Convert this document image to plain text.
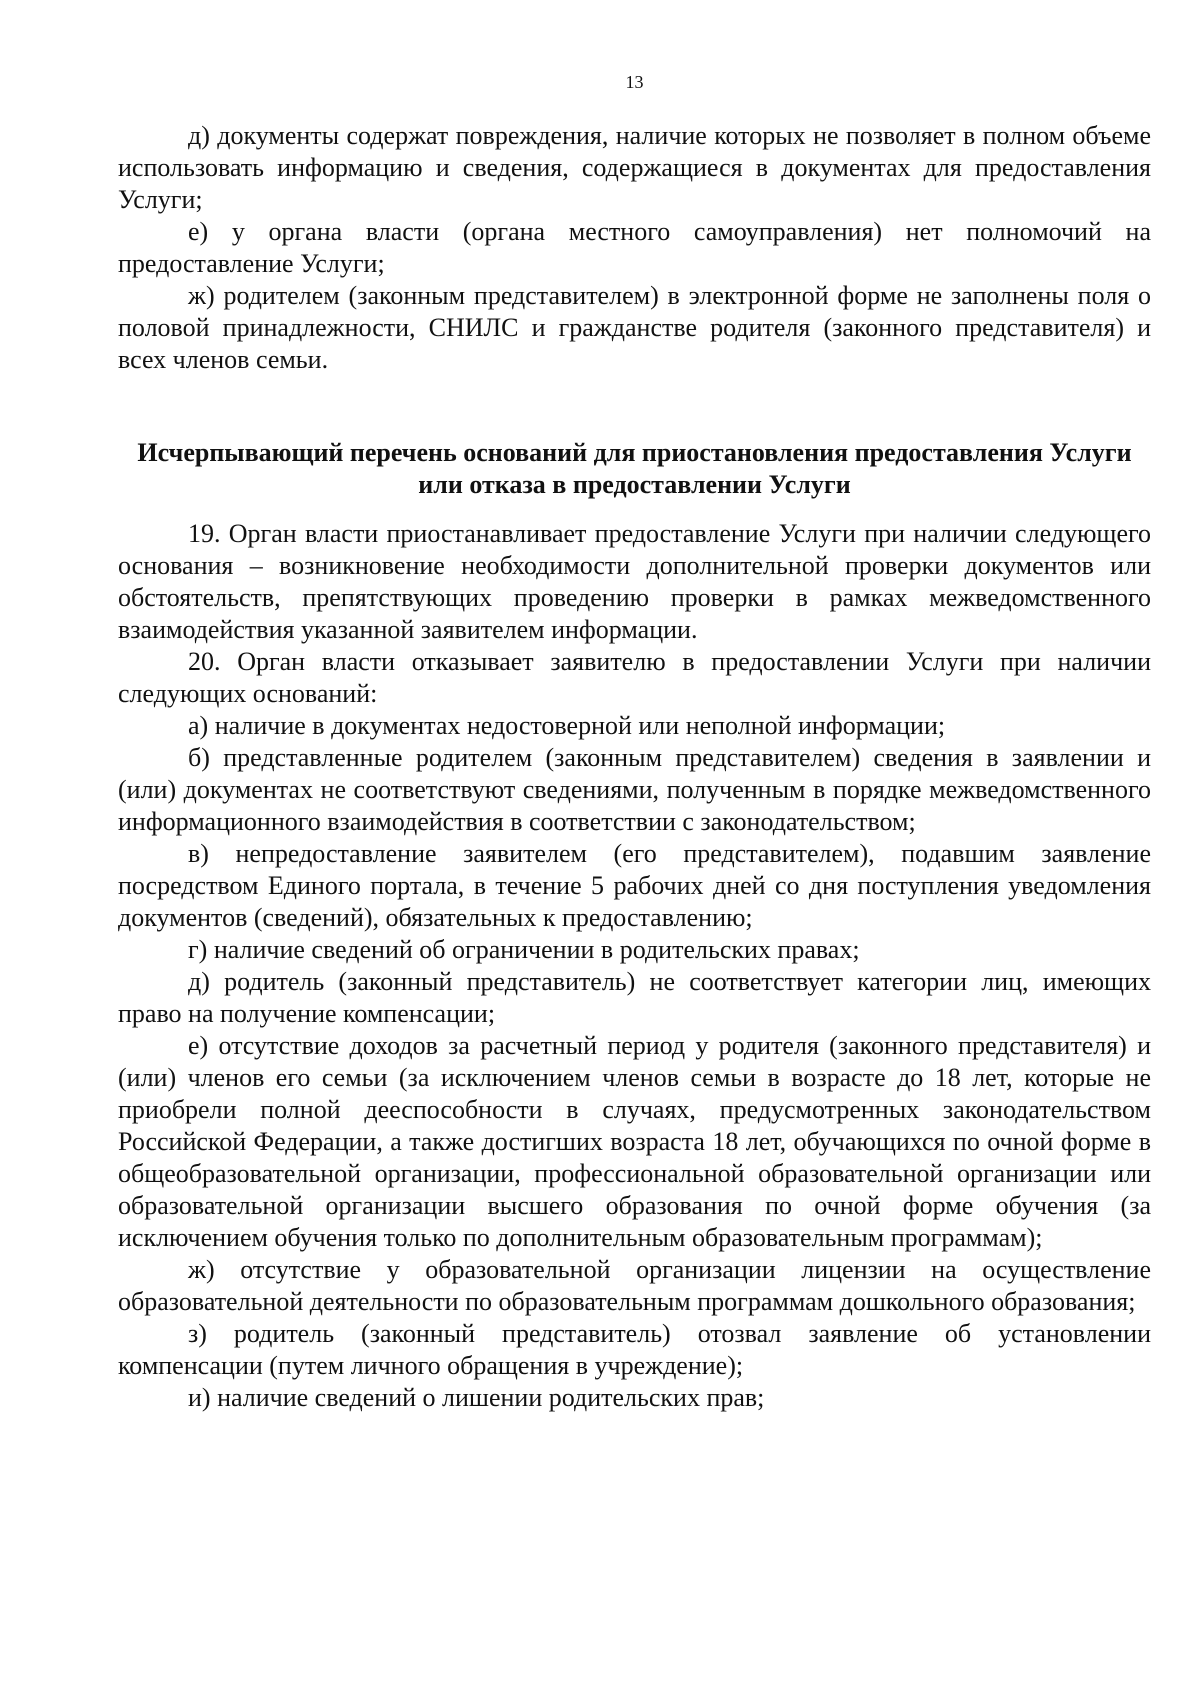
13

д) документы содержат повреждения, наличие которых не позволяет в полном объеме использовать информацию и сведения, содержащиеся в документах для предоставления Услуги;

е) у органа власти (органа местного самоуправления) нет полномочий на предоставление Услуги;

ж) родителем (законным представителем) в электронной форме не заполнены поля о половой принадлежности, СНИЛС и гражданстве родителя (законного представителя) и всех членов семьи.

Исчерпывающий перечень оснований для приостановления предоставления Услуги или отказа в предоставлении Услуги

19. Орган власти приостанавливает предоставление Услуги при наличии следующего основания – возникновение необходимости дополнительной проверки документов или обстоятельств, препятствующих проведению проверки в рамках межведомственного взаимодействия указанной заявителем информации.

20. Орган власти отказывает заявителю в предоставлении Услуги при наличии следующих оснований:

а) наличие в документах недостоверной или неполной информации;

б) представленные родителем (законным представителем) сведения в заявлении и (или) документах не соответствуют сведениями, полученным в порядке межведомственного информационного взаимодействия в соответствии с законодательством;

в) непредоставление заявителем (его представителем), подавшим заявление посредством Единого портала, в течение 5 рабочих дней со дня поступления уведомления документов (сведений), обязательных к предоставлению;

г) наличие сведений об ограничении в родительских правах;

д) родитель (законный представитель) не соответствует категории лиц, имеющих право на получение компенсации;

е) отсутствие доходов за расчетный период у родителя (законного представителя) и (или) членов его семьи (за исключением членов семьи в возрасте до 18 лет, которые не приобрели полной дееспособности в случаях, предусмотренных законодательством Российской Федерации, а также достигших возраста 18 лет, обучающихся по очной форме в общеобразовательной организации, профессиональной образовательной организации или образовательной организации высшего образования по очной форме обучения (за исключением обучения только по дополнительным образовательным программам);

ж) отсутствие у образовательной организации лицензии на осуществление образовательной деятельности по образовательным программам дошкольного образования;

з) родитель (законный представитель) отозвал заявление об установлении компенсации (путем личного обращения в учреждение);

и) наличие сведений о лишении родительских прав;
